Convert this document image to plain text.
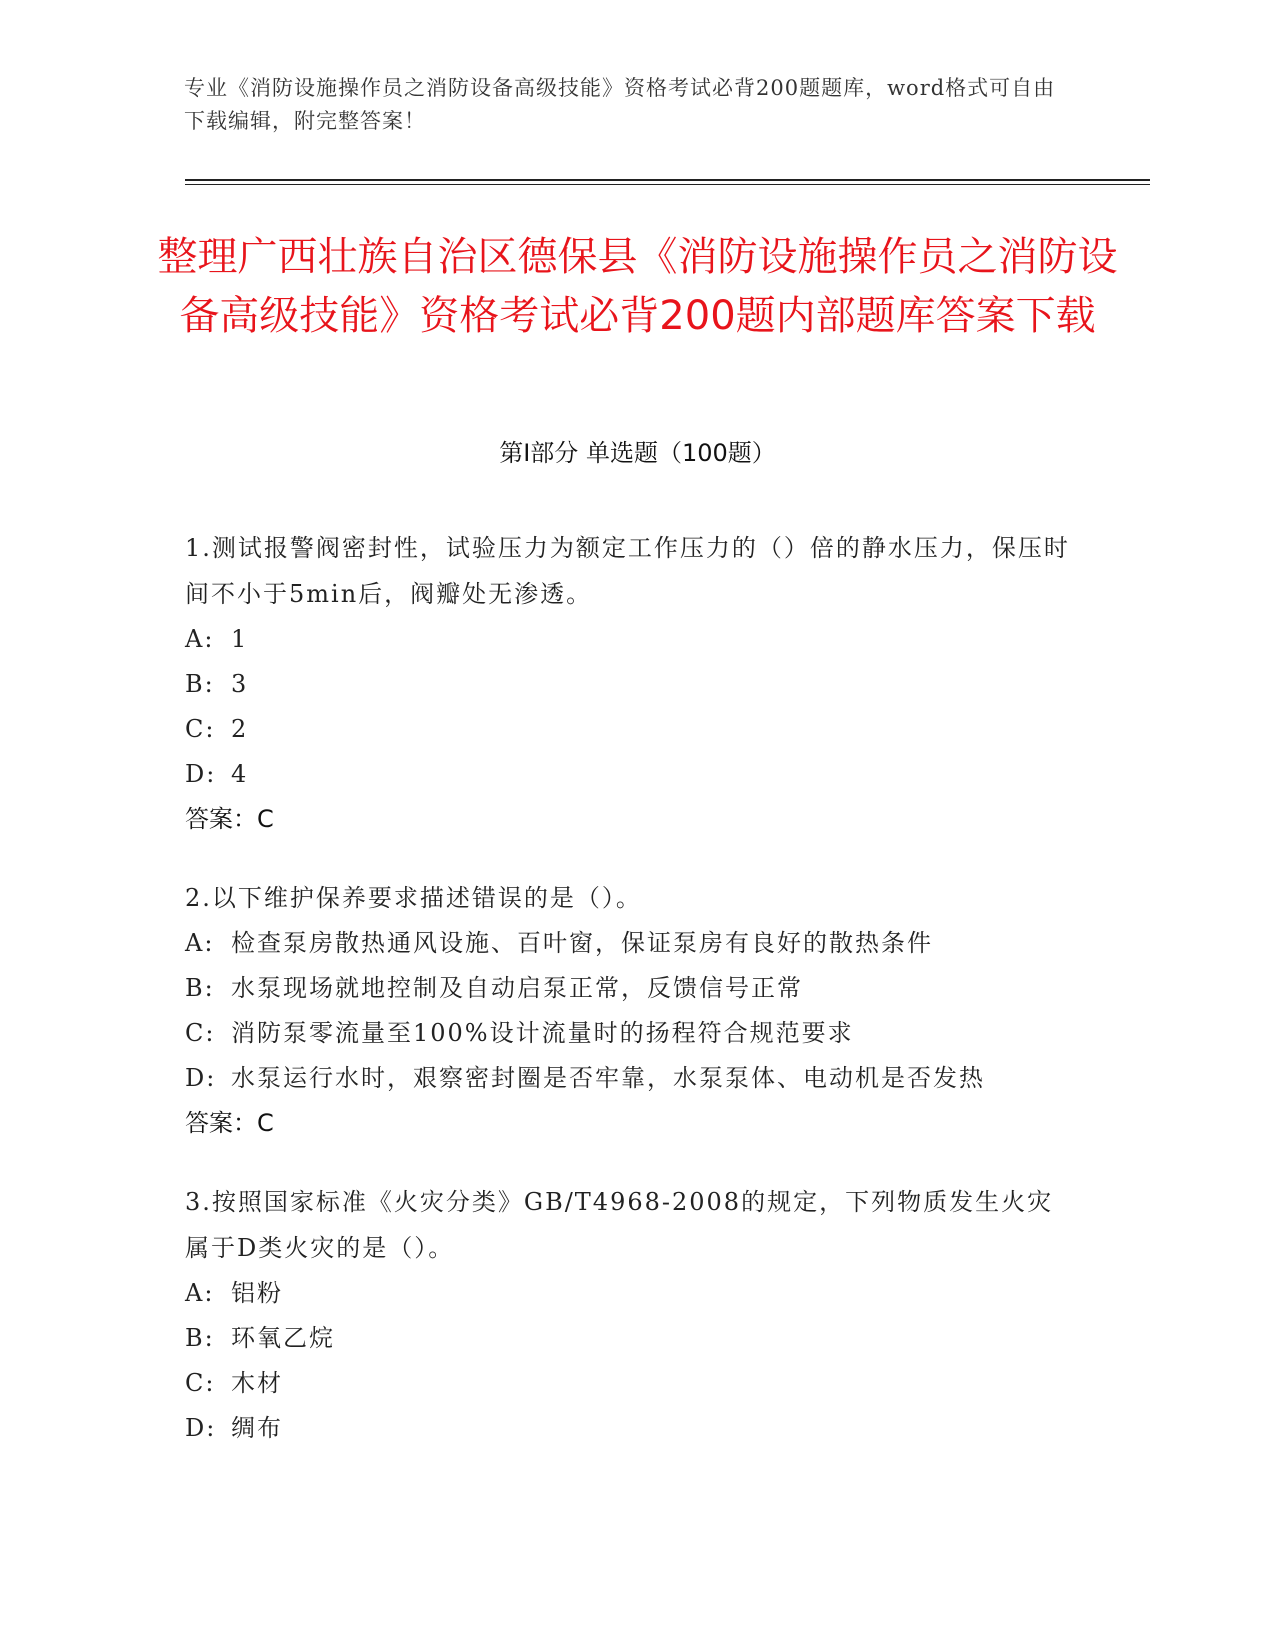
专业《消防设施操作员之消防设备高级技能》资格考试必背200题题库，word格式可自由下载编辑，附完整答案！
整理广西壮族自治区德保县《消防设施操作员之消防设备高级技能》资格考试必背200题内部题库答案下载
第Ⅰ部分 单选题（100题）
1.测试报警阀密封性，试验压力为额定工作压力的（）倍的静水压力，保压时间不小于5min后，阀瓣处无渗透。
A: 1
B: 3
C: 2
D: 4
答案：C
2.以下维护保养要求描述错误的是（）。
A: 检查泵房散热通风设施、百叶窗，保证泵房有良好的散热条件
B: 水泵现场就地控制及自动启泵正常，反馈信号正常
C: 消防泵零流量至100%设计流量时的扬程符合规范要求
D: 水泵运行水时，艰察密封圈是否牢靠，水泵泵体、电动机是否发热
答案：C
3.按照国家标准《火灾分类》GB/T4968-2008的规定，下列物质发生火灾属于D类火灾的是（）。
A: 铝粉
B: 环氧乙烷
C: 木材
D: 绸布
